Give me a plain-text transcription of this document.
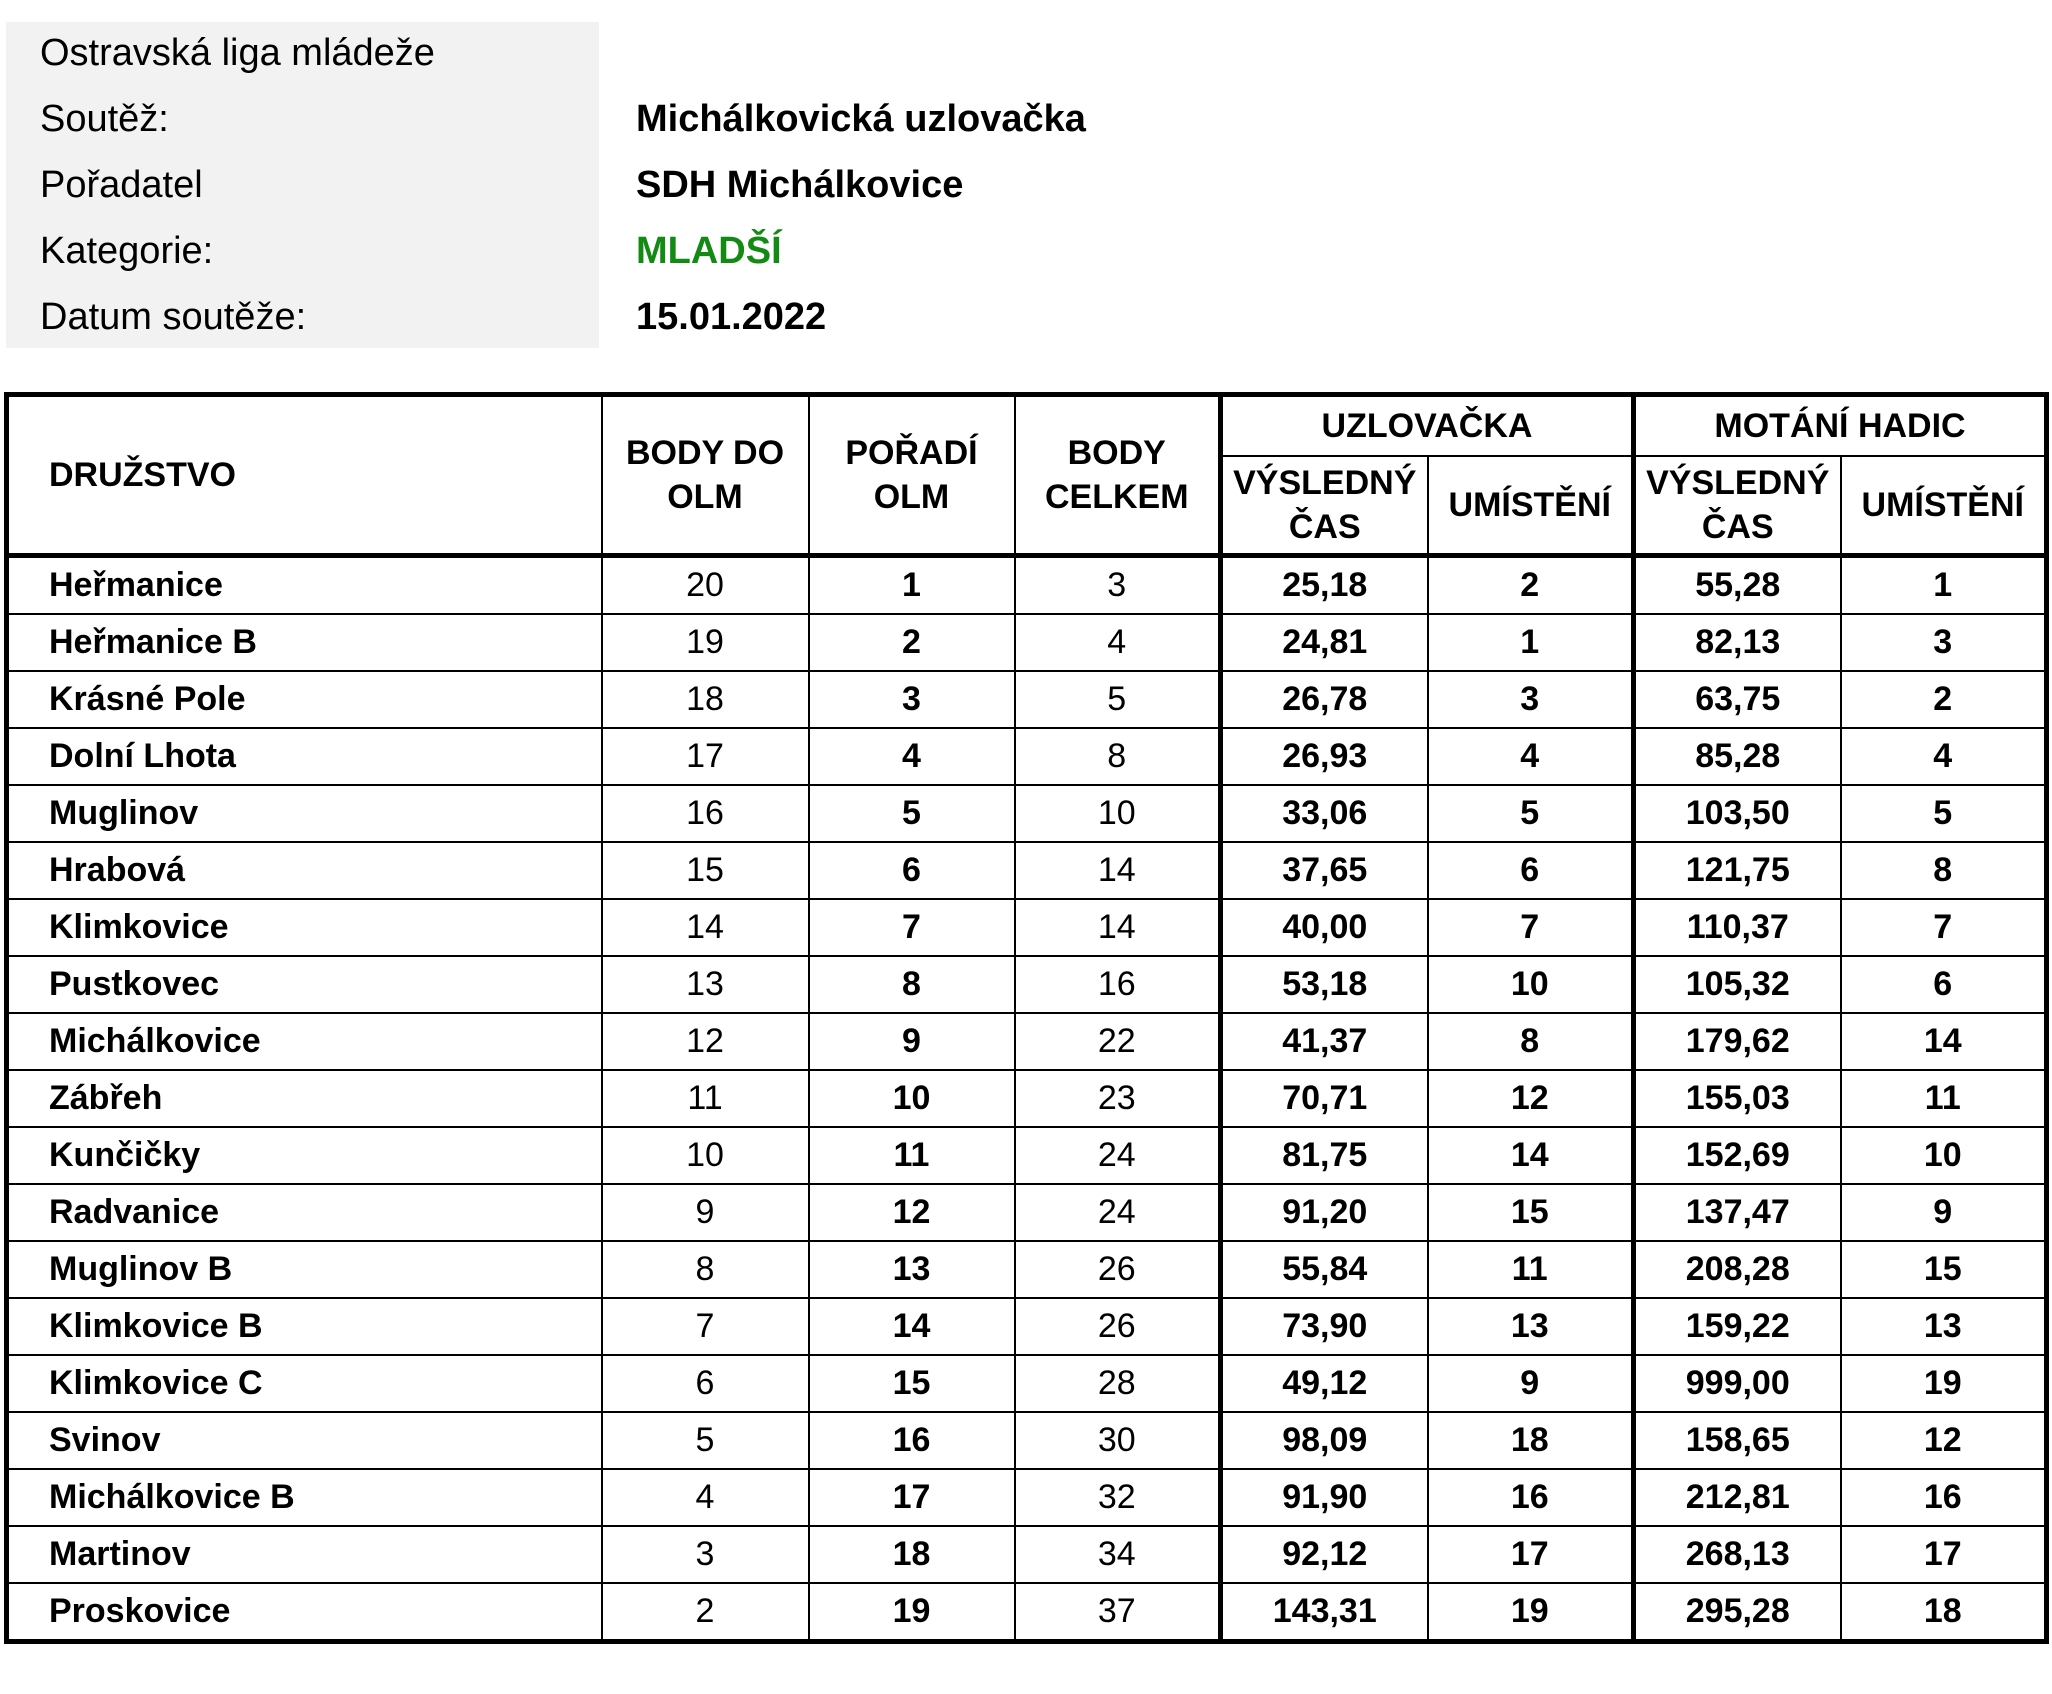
Ostravská liga mládeže
Soutěž:	Michálkovická uzlovačka
Pořadatel	SDH Michálkovice
Kategorie:	MLADŠÍ
Datum soutěže:	15.01.2022
DRUŽSTVO	BODY DO OLM	POŘADÍ OLM	BODY CELKEM	UZLOVAČKA		MOTÁNÍ HADIC	
				VÝSLEDNÝ ČAS	UMÍSTĚNÍ	VÝSLEDNÝ ČAS	UMÍSTĚNÍ
Heřmanice	20	1	3	25,18	2	55,28	1
Heřmanice B	19	2	4	24,81	1	82,13	3
Krásné Pole	18	3	5	26,78	3	63,75	2
Dolní Lhota	17	4	8	26,93	4	85,28	4
Muglinov	16	5	10	33,06	5	103,50	5
Hrabová	15	6	14	37,65	6	121,75	8
Klimkovice	14	7	14	40,00	7	110,37	7
Pustkovec	13	8	16	53,18	10	105,32	6
Michálkovice	12	9	22	41,37	8	179,62	14
Zábřeh	11	10	23	70,71	12	155,03	11
Kunčičky	10	11	24	81,75	14	152,69	10
Radvanice	9	12	24	91,20	15	137,47	9
Muglinov B	8	13	26	55,84	11	208,28	15
Klimkovice B	7	14	26	73,90	13	159,22	13
Klimkovice C	6	15	28	49,12	9	999,00	19
Svinov	5	16	30	98,09	18	158,65	12
Michálkovice B	4	17	32	91,90	16	212,81	16
Martinov	3	18	34	92,12	17	268,13	17
Proskovice	2	19	37	143,31	19	295,28	18
